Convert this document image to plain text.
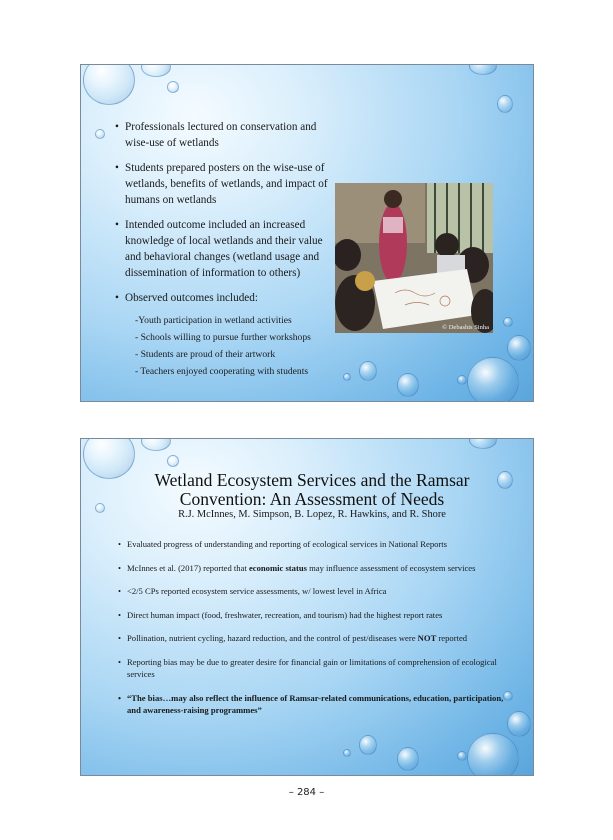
• Professionals lectured on conservation and wise-use of wetlands
• Students prepared posters on the wise-use of wetlands, benefits of wetlands, and impact of humans on wetlands
• Intended outcome included an increased knowledge of local wetlands and their value and behavioral changes (wetland usage and dissemination of information to others)
• Observed outcomes included:
-Youth participation in wetland activities
- Schools willing to pursue further workshops
- Students are proud of their artwork
- Teachers enjoyed cooperating with students
© Debashis Sinha
Wetland Ecosystem Services and the Ramsar Convention: An Assessment of Needs
R.J. McInnes, M. Simpson, B. Lopez, R. Hawkins, and R. Shore
• Evaluated progress of understanding and reporting of ecological services in National Reports
• McInnes et al. (2017) reported that economic status may influence assessment of ecosystem services
• <2/5 CPs reported ecosystem service assessments, w/ lowest level in Africa
• Direct human impact (food, freshwater, recreation, and tourism) had the highest report rates
• Pollination, nutrient cycling, hazard reduction, and the control of pest/diseases were NOT reported
• Reporting bias may be due to greater desire for financial gain or limitations of comprehension of ecological services
• “The bias…may also reflect the influence of Ramsar-related communications, education, participation, and awareness-raising programmes”
– 284 –
